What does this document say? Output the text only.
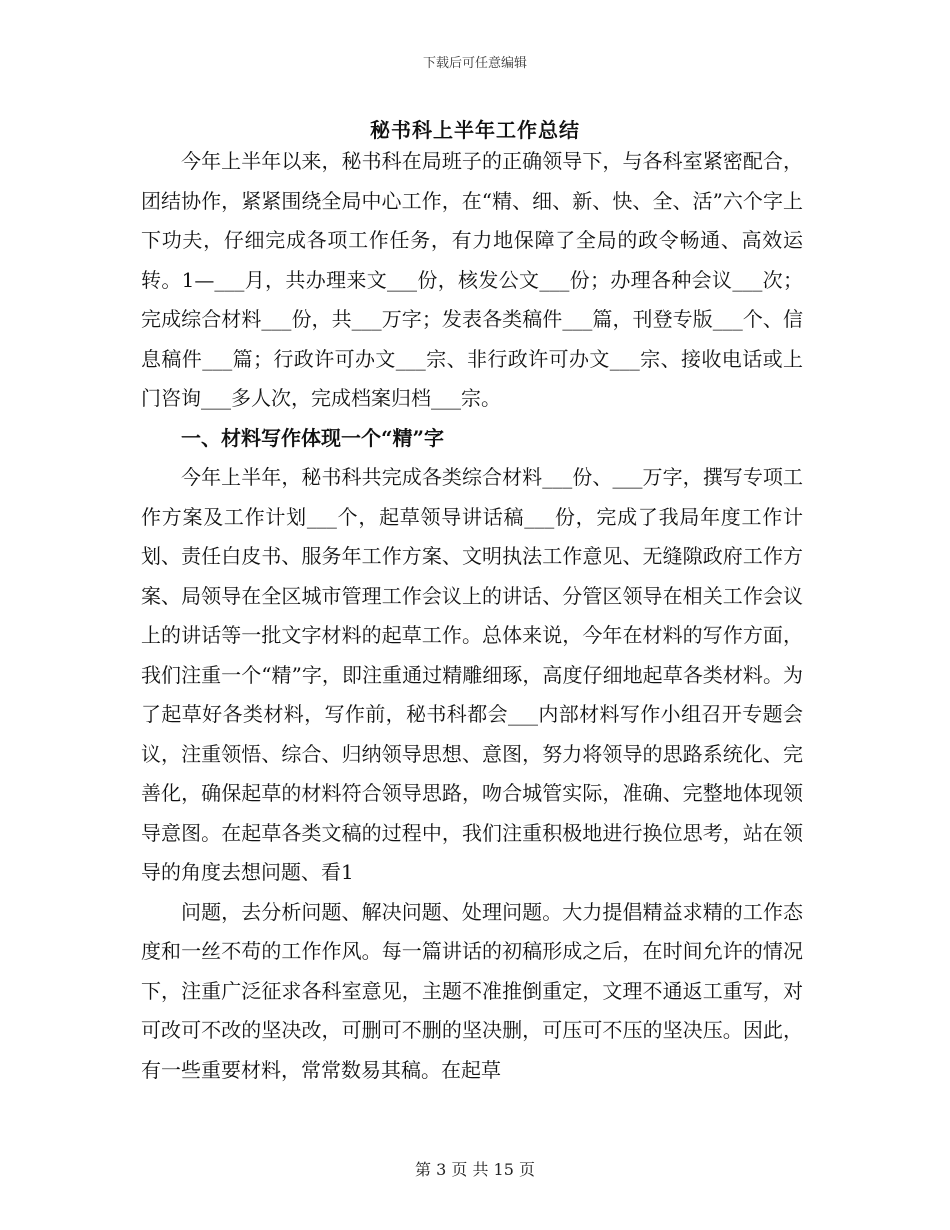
下载后可任意编辑
秘书科上半年工作总结

今年上半年以来，秘书科在局班子的正确领导下，与各科室紧密配合，团结协作，紧紧围绕全局中心工作，在“精、细、新、快、全、活”六个字上下功夫，仔细完成各项工作任务，有力地保障了全局的政令畅通、高效运转。1—___月，共办理来文___份，核发公文___份；办理各种会议___次；完成综合材料___份，共___万字；发表各类稿件___篇，刊登专版___个、信息稿件___篇；行政许可办文___宗、非行政许可办文___宗、接收电话或上门咨询___多人次，完成档案归档___宗。

一、材料写作体现一个“精”字

今年上半年，秘书科共完成各类综合材料___份、___万字，撰写专项工作方案及工作计划___个，起草领导讲话稿___份，完成了我局年度工作计划、责任白皮书、服务年工作方案、文明执法工作意见、无缝隙政府工作方案、局领导在全区城市管理工作会议上的讲话、分管区领导在相关工作会议上的讲话等一批文字材料的起草工作。总体来说，今年在材料的写作方面，我们注重一个“精”字，即注重通过精雕细琢，高度仔细地起草各类材料。为了起草好各类材料，写作前，秘书科都会___内部材料写作小组召开专题会议，注重领悟、综合、归纳领导思想、意图，努力将领导的思路系统化、完善化，确保起草的材料符合领导思路，吻合城管实际，准确、完整地体现领导意图。在起草各类文稿的过程中，我们注重积极地进行换位思考，站在领导的角度去想问题、看1

问题，去分析问题、解决问题、处理问题。大力提倡精益求精的工作态度和一丝不苟的工作作风。每一篇讲话的初稿形成之后，在时间允许的情况下，注重广泛征求各科室意见，主题不准推倒重定，文理不通返工重写，对可改可不改的坚决改，可删可不删的坚决删，可压可不压的坚决压。因此，有一些重要材料，常常数易其稿。在起草

第 3 页 共 15 页
